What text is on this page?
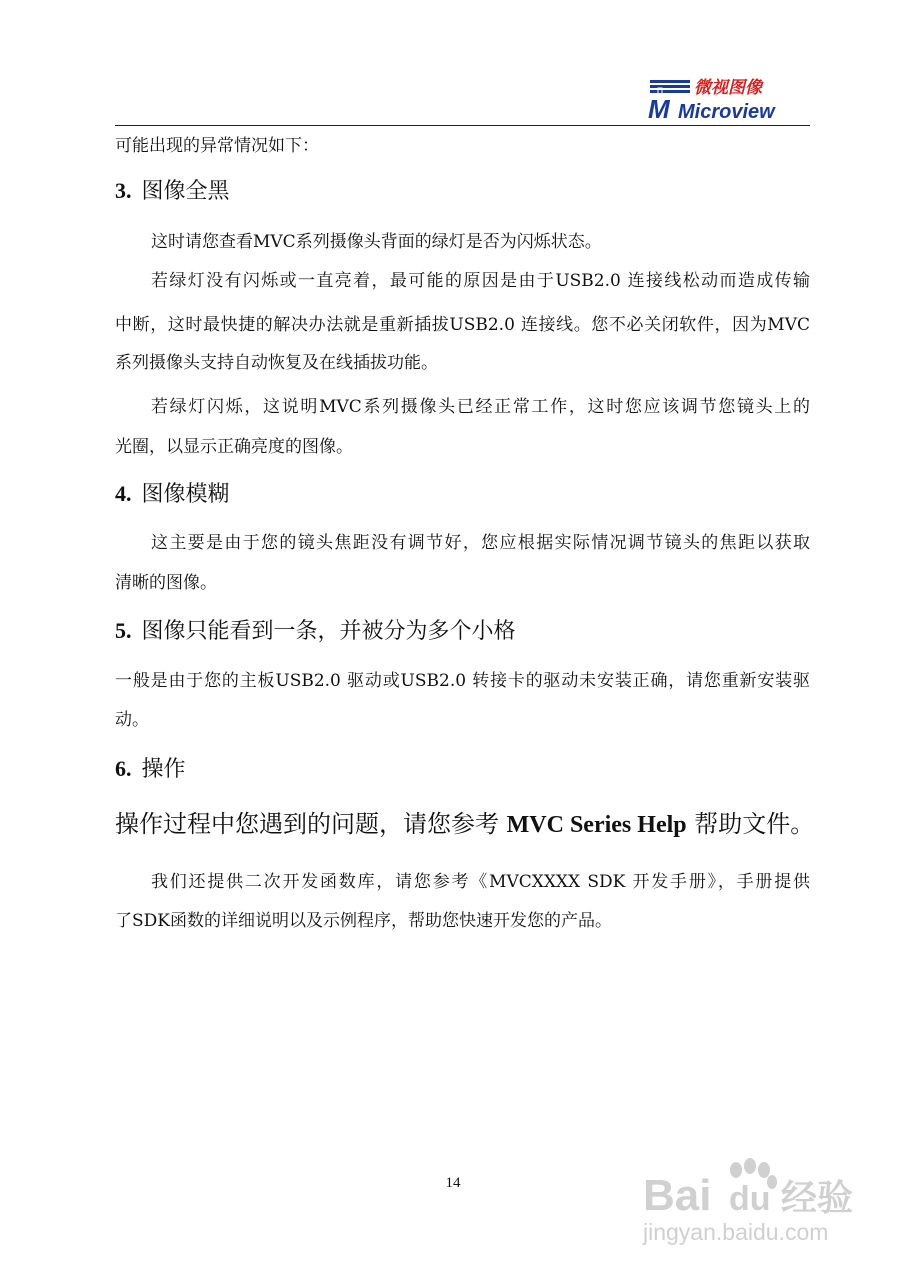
微视图像
M Microview
可能出现的异常情况如下：
3. 图像全黑
这时请您查看MVC系列摄像头背面的绿灯是否为闪烁状态。
若绿灯没有闪烁或一直亮着，最可能的原因是由于USB2.0 连接线松动而造成传输
中断，这时最快捷的解决办法就是重新插拔USB2.0 连接线。您不必关闭软件，因为MVC
系列摄像头支持自动恢复及在线插拔功能。
若绿灯闪烁，这说明MVC系列摄像头已经正常工作，这时您应该调节您镜头上的
光圈，以显示正确亮度的图像。
4. 图像模糊
这主要是由于您的镜头焦距没有调节好，您应根据实际情况调节镜头的焦距以获取
清晰的图像。
5. 图像只能看到一条，并被分为多个小格
一般是由于您的主板USB2.0 驱动或USB2.0 转接卡的驱动未安装正确，请您重新安装驱
动。
6. 操作
操作过程中您遇到的问题，请您参考 MVC Series Help 帮助文件。
我们还提供二次开发函数库，请您参考《MVCXXXX SDK 开发手册》，手册提供
了SDK函数的详细说明以及示例程序，帮助您快速开发您的产品。
14	Bai du 经验
jingyan.baidu.com
